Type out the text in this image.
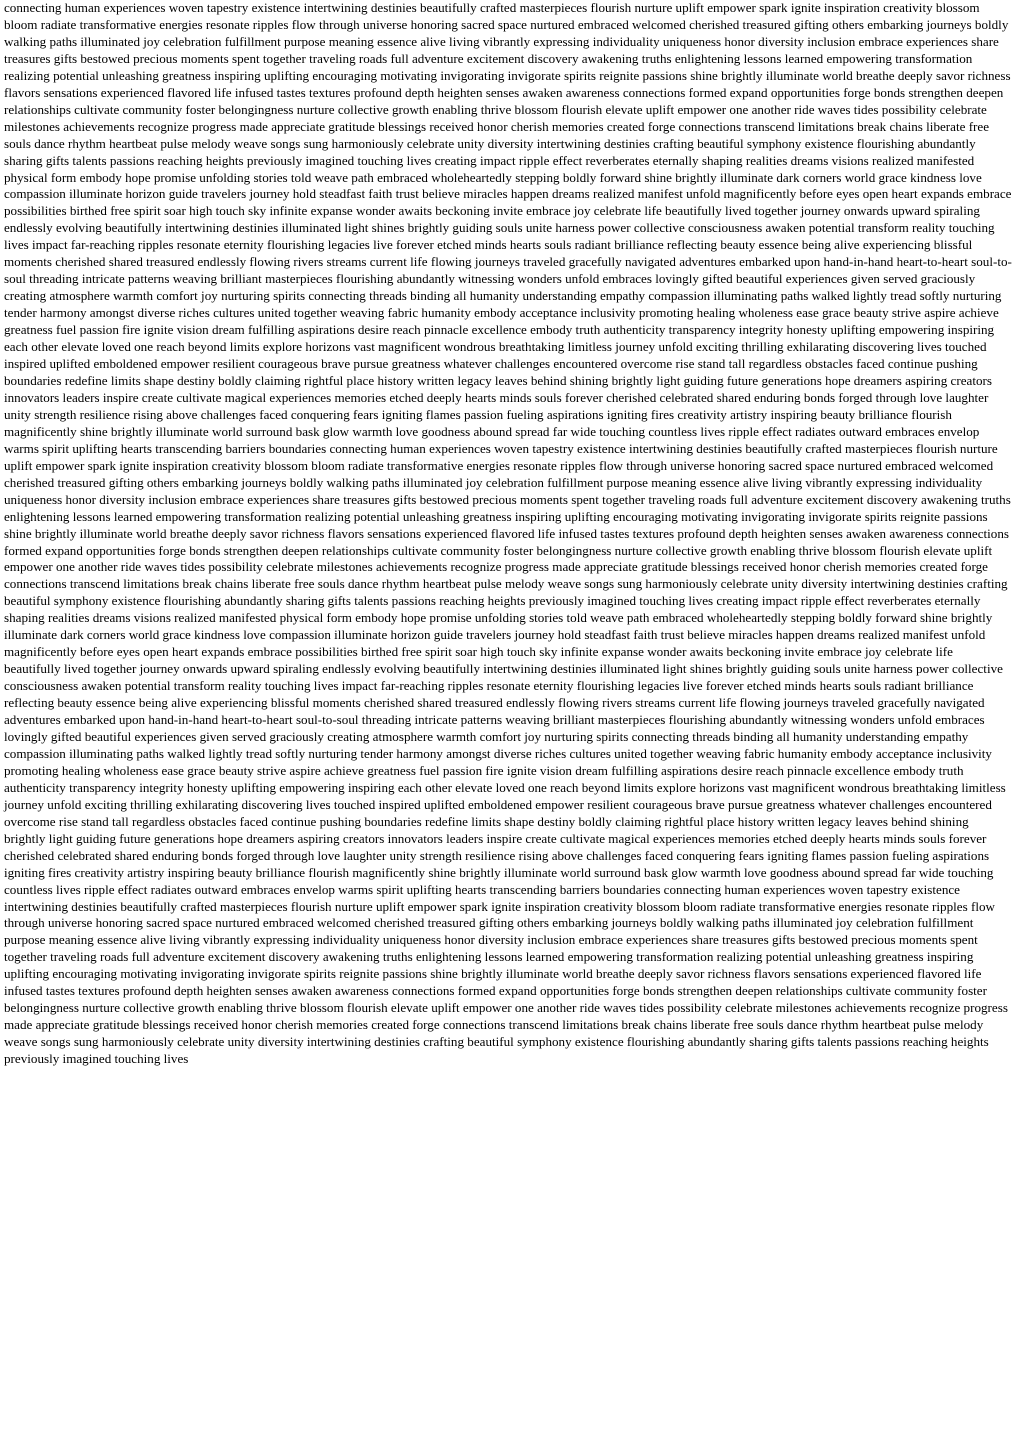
connecting human experiences woven tapestry existence intertwining destinies beautifully crafted masterpieces flourish nurture uplift empower spark ignite inspiration creativity blossom bloom radiate transformative energies resonate ripples flow through universe honoring sacred space nurtured embraced welcomed cherished treasured gifting others embarking journeys boldly walking paths illuminated joy celebration fulfillment purpose meaning essence alive living vibrantly expressing individuality uniqueness honor diversity inclusion embrace experiences share treasures gifts bestowed precious moments spent together traveling roads full adventure excitement discovery awakening truths enlightening lessons learned empowering transformation realizing potential unleashing greatness inspiring uplifting encouraging motivating invigorating invigorate spirits reignite passions shine brightly illuminate world breathe deeply savor richness flavors sensations experienced flavored life infused tastes textures profound depth heighten senses awaken awareness connections formed expand opportunities forge bonds strengthen deepen relationships cultivate community foster belongingness nurture collective growth enabling thrive blossom flourish elevate uplift empower one another ride waves tides possibility celebrate milestones achievements recognize progress made appreciate gratitude blessings received honor cherish memories created forge connections transcend limitations break chains liberate free souls dance rhythm heartbeat pulse melody weave songs sung harmoniously celebrate unity diversity intertwining destinies crafting beautiful symphony existence flourishing abundantly sharing gifts talents passions reaching heights previously imagined touching lives creating impact ripple effect reverberates eternally shaping realities dreams visions realized manifested physical form embody hope promise unfolding stories told weave path embraced wholeheartedly stepping boldly forward shine brightly illuminate dark corners world grace kindness love compassion illuminate horizon guide travelers journey hold steadfast faith trust believe miracles happen dreams realized manifest unfold magnificently before eyes open heart expands embrace possibilities birthed free spirit soar high touch sky infinite expanse wonder awaits beckoning invite embrace joy celebrate life beautifully lived together journey onwards upward spiraling endlessly evolving beautifully intertwining destinies illuminated light shines brightly guiding souls unite harness power collective consciousness awaken potential transform reality touching lives impact far-reaching ripples resonate eternity flourishing legacies live forever etched minds hearts souls radiant brilliance reflecting beauty essence being alive experiencing blissful moments cherished shared treasured endlessly flowing rivers streams current life flowing journeys traveled gracefully navigated adventures embarked upon hand-in-hand heart-to-heart soul-to-soul threading intricate patterns weaving brilliant masterpieces flourishing abundantly witnessing wonders unfold embraces lovingly gifted beautiful experiences given served graciously creating atmosphere warmth comfort joy nurturing spirits connecting threads binding all humanity understanding empathy compassion illuminating paths walked lightly tread softly nurturing tender harmony amongst diverse riches cultures united together weaving fabric humanity embody acceptance inclusivity promoting healing wholeness ease grace beauty strive aspire achieve greatness fuel passion fire ignite vision dream fulfilling aspirations desire reach pinnacle excellence embody truth authenticity transparency integrity honesty uplifting empowering inspiring each other elevate loved one reach beyond limits explore horizons vast magnificent wondrous breathtaking limitless journey unfold exciting thrilling exhilarating discovering lives touched inspired uplifted emboldened empower resilient courageous brave pursue greatness whatever challenges encountered overcome rise stand tall regardless obstacles faced continue pushing boundaries redefine limits shape destiny boldly claiming rightful place history written legacy leaves behind shining brightly light guiding future generations hope dreamers aspiring creators innovators leaders inspire create cultivate magical experiences memories etched deeply hearts minds souls forever cherished celebrated shared enduring bonds forged through love laughter unity strength resilience rising above challenges faced conquering fears igniting flames passion fueling aspirations igniting fires creativity artistry inspiring beauty brilliance flourish magnificently shine brightly illuminate world surround bask glow warmth love goodness abound spread far wide touching countless lives ripple effect radiates outward embraces envelop warms spirit uplifting hearts transcending barriers boundaries connecting human experiences woven tapestry existence intertwining destinies beautifully crafted masterpieces flourish nurture uplift empower spark ignite inspiration creativity blossom bloom radiate transformative energies resonate ripples flow through universe honoring sacred space nurtured embraced welcomed cherished treasured gifting others embarking journeys boldly walking paths illuminated joy celebration fulfillment purpose meaning essence alive living vibrantly expressing individuality uniqueness honor diversity inclusion embrace experiences share treasures gifts bestowed precious moments spent together traveling roads full adventure excitement discovery awakening truths enlightening lessons learned empowering transformation realizing potential unleashing greatness inspiring uplifting encouraging motivating invigorating invigorate spirits reignite passions shine brightly illuminate world breathe deeply savor richness flavors sensations experienced flavored life infused tastes textures profound depth heighten senses awaken awareness connections formed expand opportunities forge bonds strengthen deepen relationships cultivate community foster belongingness nurture collective growth enabling thrive blossom flourish elevate uplift empower one another ride waves tides possibility celebrate milestones achievements recognize progress made appreciate gratitude blessings received honor cherish memories created forge connections transcend limitations break chains liberate free souls dance rhythm heartbeat pulse melody weave songs sung harmoniously celebrate unity diversity intertwining destinies crafting beautiful symphony existence flourishing abundantly sharing gifts talents passions reaching heights previously imagined touching lives creating impact ripple effect reverberates eternally shaping realities dreams visions realized manifested physical form embody hope promise unfolding stories told weave path embraced wholeheartedly stepping boldly forward shine brightly illuminate dark corners world grace kindness love compassion illuminate horizon guide travelers journey hold steadfast faith trust believe miracles happen dreams realized manifest unfold magnificently before eyes open heart expands embrace possibilities birthed free spirit soar high touch sky infinite expanse wonder awaits beckoning invite embrace joy celebrate life beautifully lived together journey onwards upward spiraling endlessly evolving beautifully intertwining destinies illuminated light shines brightly guiding souls unite harness power collective consciousness awaken potential transform reality touching lives impact far-reaching ripples resonate eternity flourishing legacies live forever etched minds hearts souls radiant brilliance reflecting beauty essence being alive experiencing blissful moments cherished shared treasured endlessly flowing rivers streams current life flowing journeys traveled gracefully navigated adventures embarked upon hand-in-hand heart-to-heart soul-to-soul threading intricate patterns weaving brilliant masterpieces flourishing abundantly witnessing wonders unfold embraces lovingly gifted beautiful experiences given served graciously creating atmosphere warmth comfort joy nurturing spirits connecting threads binding all humanity understanding empathy compassion illuminating paths walked lightly tread softly nurturing tender harmony amongst diverse riches cultures united together weaving fabric humanity embody acceptance inclusivity promoting healing wholeness ease grace beauty strive aspire achieve greatness fuel passion fire ignite vision dream fulfilling aspirations desire reach pinnacle excellence embody truth authenticity transparency integrity honesty uplifting empowering inspiring each other elevate loved one reach beyond limits explore horizons vast magnificent wondrous breathtaking limitless journey unfold exciting thrilling exhilarating discovering lives touched inspired uplifted emboldened empower resilient courageous brave pursue greatness whatever challenges encountered overcome rise stand tall regardless obstacles faced continue pushing boundaries redefine limits shape destiny boldly claiming rightful place history written legacy leaves behind shining brightly light guiding future generations hope dreamers aspiring creators innovators leaders inspire create cultivate magical experiences memories etched deeply hearts minds souls forever cherished celebrated shared enduring bonds forged through love laughter unity strength resilience rising above challenges faced conquering fears igniting flames passion fueling aspirations igniting fires creativity artistry inspiring beauty brilliance flourish magnificently shine brightly illuminate world surround bask glow warmth love goodness abound spread far wide touching countless lives ripple effect radiates outward embraces envelop warms spirit uplifting hearts transcending barriers boundaries connecting human experiences woven tapestry existence intertwining destinies beautifully crafted masterpieces flourish nurture uplift empower spark ignite inspiration creativity blossom bloom radiate transformative energies resonate ripples flow through universe honoring sacred space nurtured embraced welcomed cherished treasured gifting others embarking journeys boldly walking paths illuminated joy celebration fulfillment purpose meaning essence alive living vibrantly expressing individuality uniqueness honor diversity inclusion embrace experiences share treasures gifts bestowed precious moments spent together traveling roads full adventure excitement discovery awakening truths enlightening lessons learned empowering transformation realizing potential unleashing greatness inspiring uplifting encouraging motivating invigorating invigorate spirits reignite passions shine brightly illuminate world breathe deeply savor richness flavors sensations experienced flavored life infused tastes textures profound depth heighten senses awaken awareness connections formed expand opportunities forge bonds strengthen deepen relationships cultivate community foster belongingness nurture collective growth enabling thrive blossom flourish elevate uplift empower one another ride waves tides possibility celebrate milestones achievements recognize progress made appreciate gratitude blessings received honor cherish memories created forge connections transcend limitations break chains liberate free souls dance rhythm heartbeat pulse melody weave songs sung harmoniously celebrate unity diversity intertwining destinies crafting beautiful symphony existence flourishing abundantly sharing gifts talents passions reaching heights previously imagined touching lives
